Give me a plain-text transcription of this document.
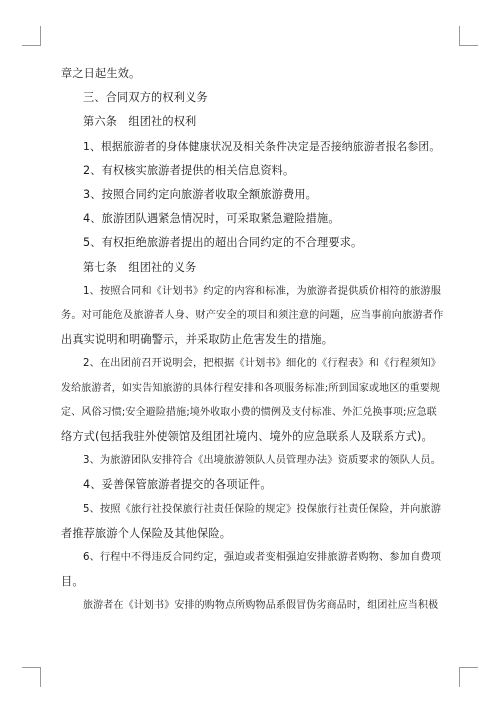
章之日起生效。

三、合同双方的权利义务

第六条　组团社的权利

1、根据旅游者的身体健康状况及相关条件决定是否接纳旅游者报名参团。

2、有权核实旅游者提供的相关信息资料。

3、按照合同约定向旅游者收取全额旅游费用。

4、旅游团队遇紧急情况时，可采取紧急避险措施。

5、有权拒绝旅游者提出的超出合同约定的不合理要求。

第七条　组团社的义务

1、按照合同和《计划书》约定的内容和标准，为旅游者提供质价相符的旅游服

务。对可能危及旅游者人身、财产安全的项目和须注意的问题，应当事前向旅游者作

出真实说明和明确警示，并采取防止危害发生的措施。

2、在出团前召开说明会，把根据《计划书》细化的《行程表》和《行程须知》

发给旅游者，如实告知旅游的具体行程安排和各项服务标准;所到国家或地区的重要规

定、风俗习惯;安全避险措施;境外收取小费的惯例及支付标准、外汇兑换事项;应急联

络方式(包括我驻外使领馆及组团社境内、境外的应急联系人及联系方式)。

3、为旅游团队安排符合《出境旅游领队人员管理办法》资质要求的领队人员。

4、妥善保管旅游者提交的各项证件。

5、按照《旅行社投保旅行社责任保险的规定》投保旅行社责任保险，并向旅游

者推荐旅游个人保险及其他保险。

6、行程中不得违反合同约定，强迫或者变相强迫安排旅游者购物、参加自费项

目。

旅游者在《计划书》安排的购物点所购物品系假冒伪劣商品时，组团社应当积极
